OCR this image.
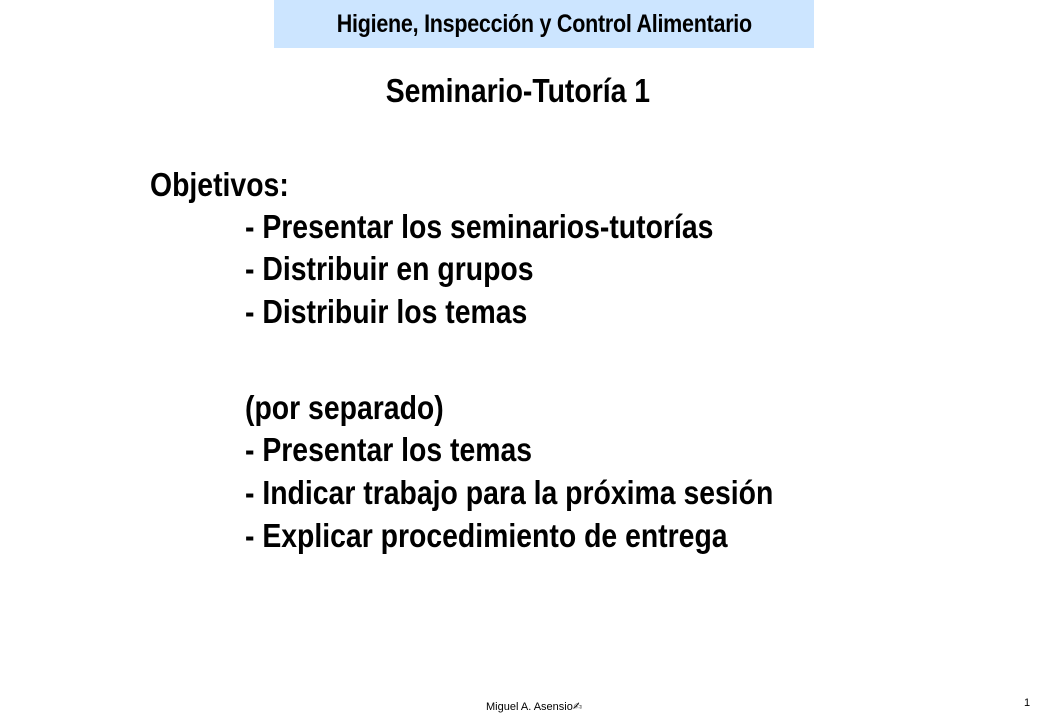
Higiene, Inspección y Control Alimentario
Seminario-Tutoría 1
Objetivos:
- Presentar los seminarios-tutorías
- Distribuir en grupos
- Distribuir los temas
(por separado)
- Presentar los temas
- Indicar trabajo para la próxima sesión
- Explicar procedimiento de entrega
Miguel A. Asensio✍	1
